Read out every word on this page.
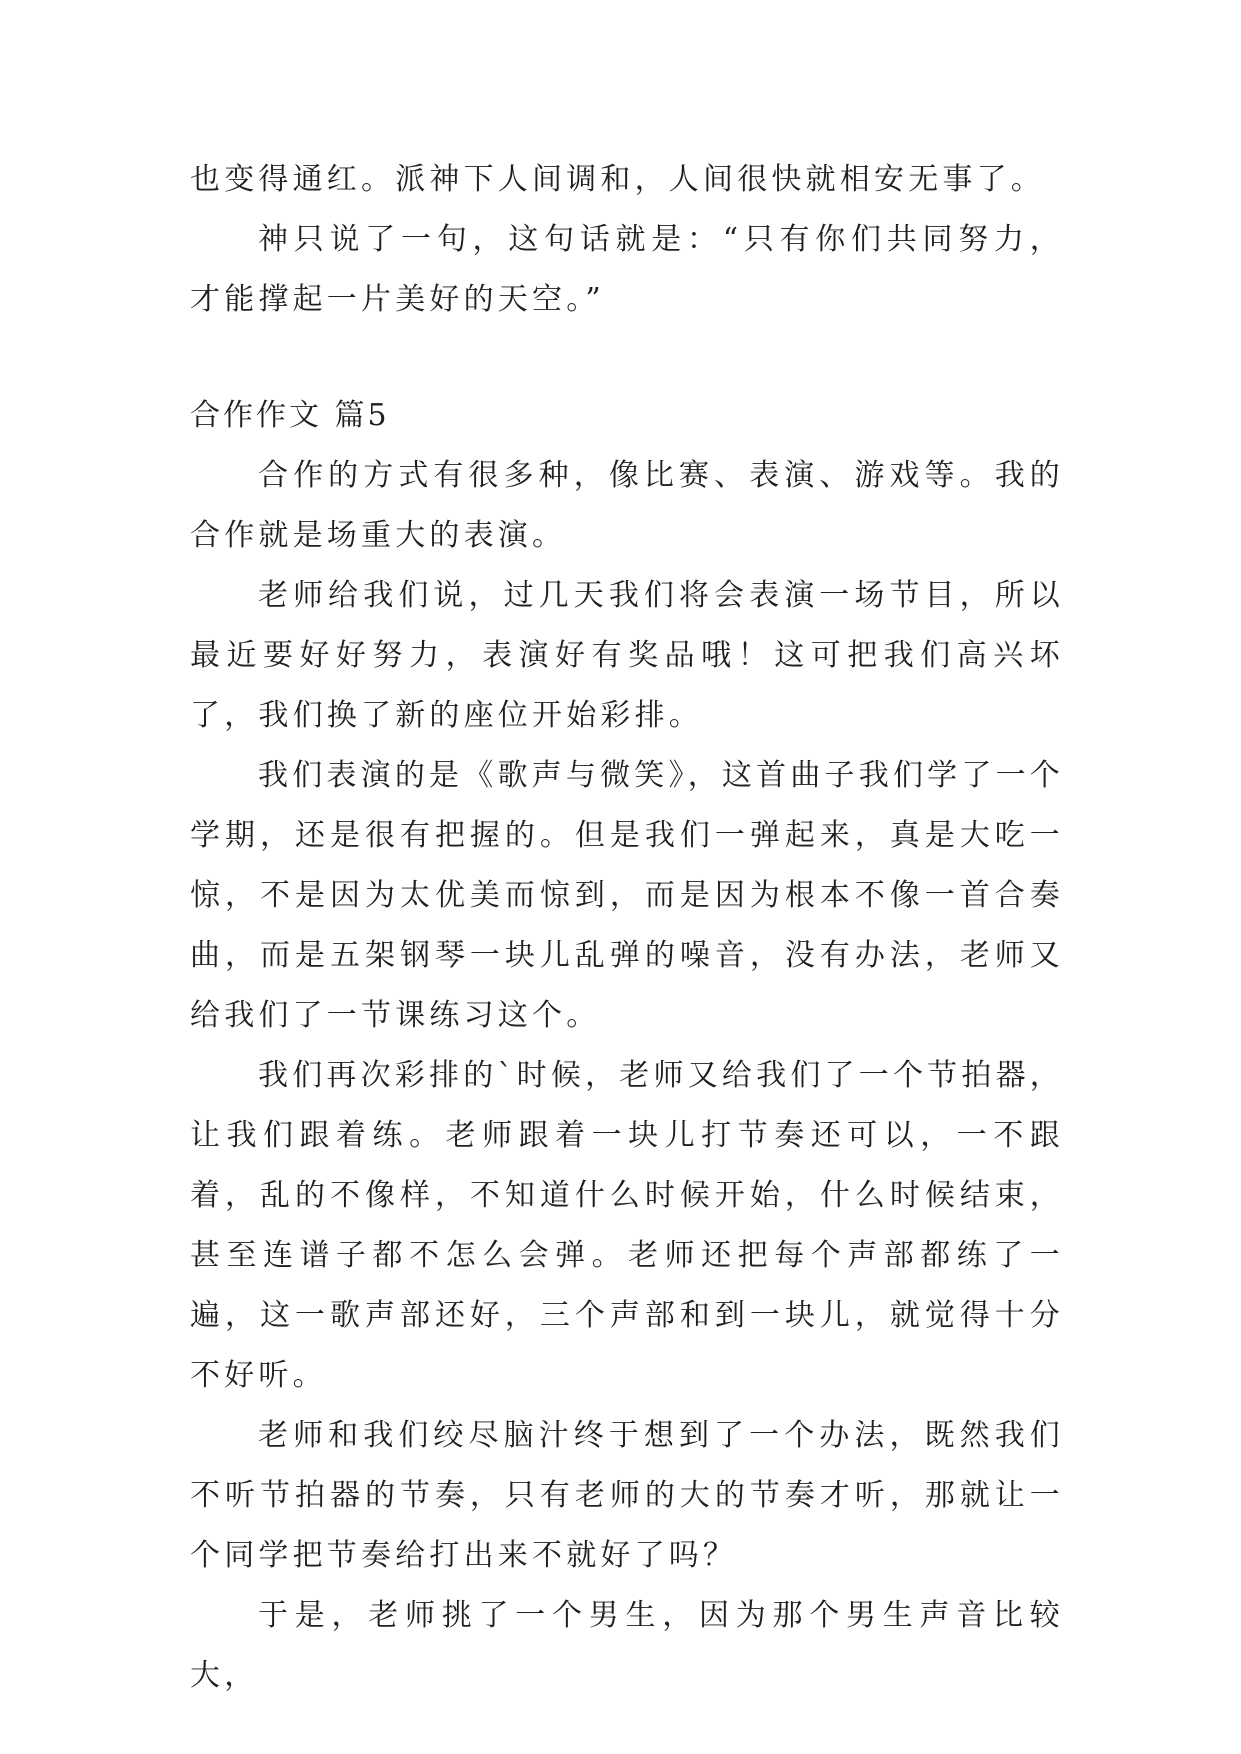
也变得通红。派神下人间调和，人间很快就相安无事了。

神只说了一句，这句话就是：“只有你们共同努力，才能撑起一片美好的天空。”

合作作文 篇5

合作的方式有很多种，像比赛、表演、游戏等。我的合作就是场重大的表演。

老师给我们说，过几天我们将会表演一场节目，所以最近要好好努力，表演好有奖品哦！这可把我们高兴坏了，我们换了新的座位开始彩排。

我们表演的是《歌声与微笑》，这首曲子我们学了一个学期，还是很有把握的。但是我们一弹起来，真是大吃一惊，不是因为太优美而惊到，而是因为根本不像一首合奏曲，而是五架钢琴一块儿乱弹的噪音，没有办法，老师又给我们了一节课练习这个。

我们再次彩排的`时候，老师又给我们了一个节拍器，让我们跟着练。老师跟着一块儿打节奏还可以，一不跟着，乱的不像样，不知道什么时候开始，什么时候结束，甚至连谱子都不怎么会弹。老师还把每个声部都练了一遍，这一歌声部还好，三个声部和到一块儿，就觉得十分不好听。

老师和我们绞尽脑汁终于想到了一个办法，既然我们不听节拍器的节奏，只有老师的大的节奏才听，那就让一个同学把节奏给打出来不就好了吗？

于是，老师挑了一个男生，因为那个男生声音比较大，
